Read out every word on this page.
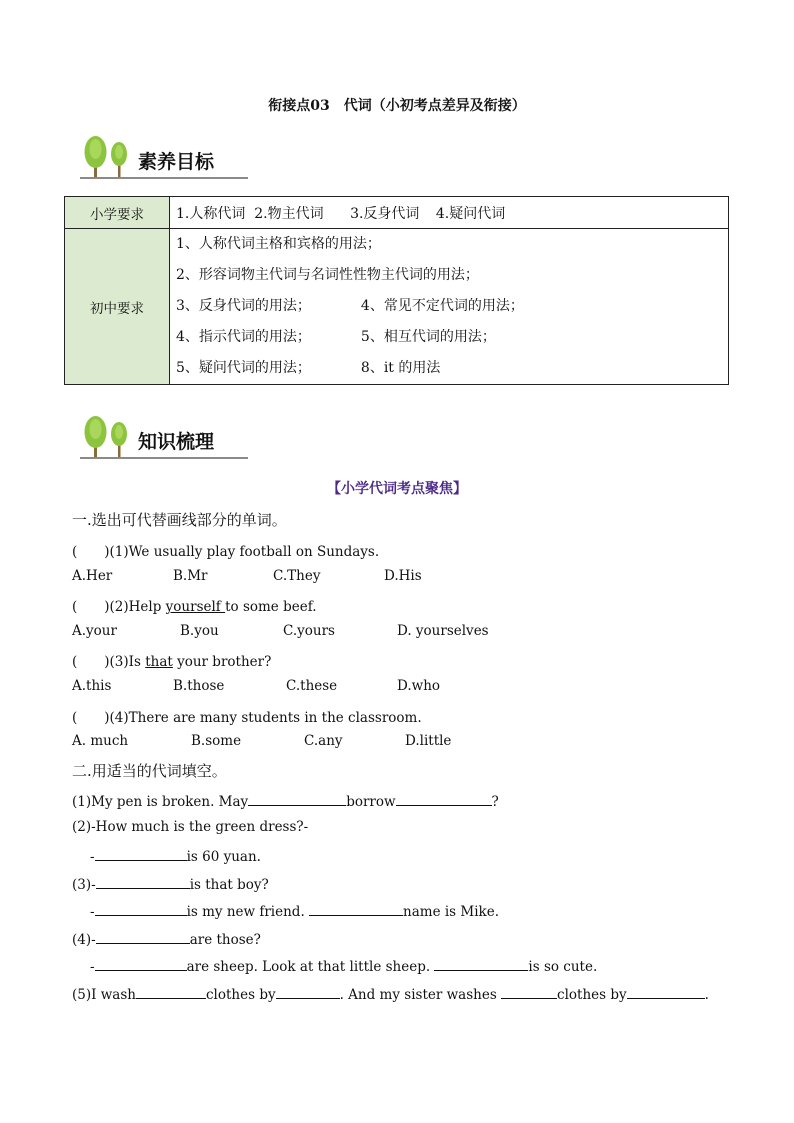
衔接点03　代词（小初考点差异及衔接）
素养目标
小学要求	1.人称代词 2.物主代词 3.反身代词 4.疑问代词
初中要求	1、人称代词主格和宾格的用法；
2、形容词物主代词与名词性性物主代词的用法；
3、反身代词的用法； 4、常见不定代词的用法；
4、指示代词的用法； 5、相互代词的用法；
5、疑问代词的用法； 8、it 的用法
知识梳理
【小学代词考点聚焦】
一.选出可代替画线部分的单词。
(　　)(1)We usually play football on Sundays.
A.Her	B.Mr	C.They	D.His
(　　)(2)Help yourself to some beef.
A.your	B.you	C.yours	D. yourselves
(　　)(3)Is that your brother?
A.this	B.those	C.these	D.who
(　　)(4)There are many students in the classroom.
A. much	B.some	C.any	D.little
二.用适当的代词填空。
(1)My pen is broken. May	borrow	?
(2)-How much is the green dress?-
-	is 60 yuan.
(3)-	is that boy?
-	is my new friend.	name is Mike.
(4)-	are those?
-	are sheep. Look at that little sheep.	is so cute.
(5)I wash	clothes by	. And my sister washes	clothes by	.
